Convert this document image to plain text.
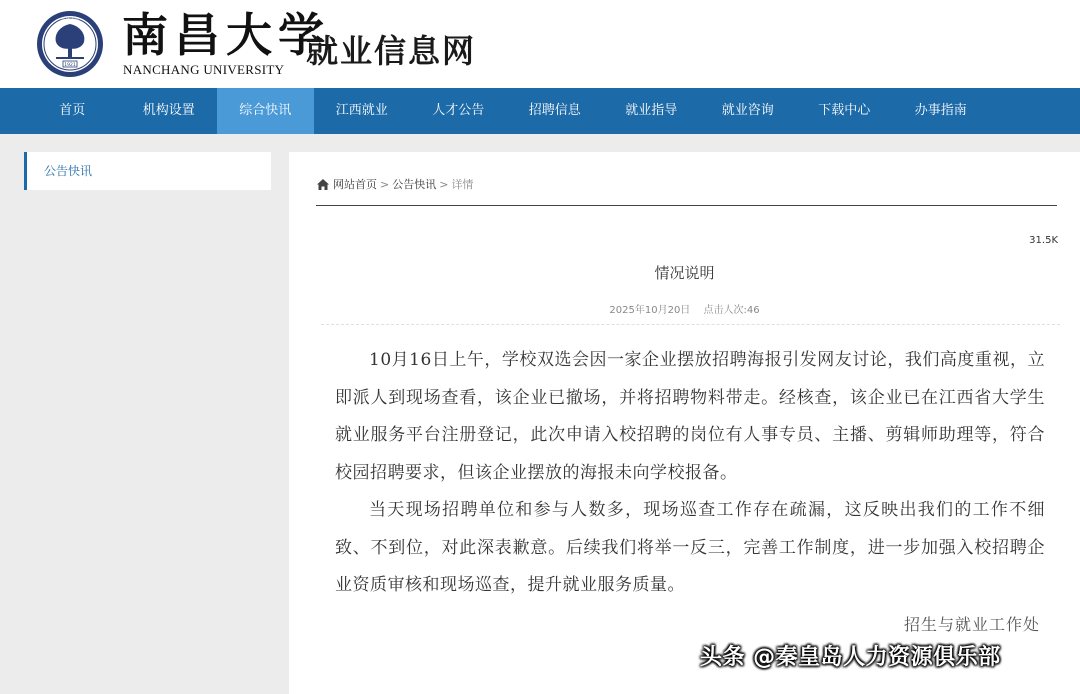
1921
南昌大学 南昌大学
NANCHANG UNIVERSITY 就业信息网
首页	机构设置	综合快讯	江西就业	人才公告	招聘信息	就业指导	就业咨询	下载中心	办事指南
公告快讯
网站首页 > 公告快讯 > 详情
31.5K
情况说明
2025年10月20日 点击人次:46

10月16日上午，学校双选会因一家企业摆放招聘海报引发网友讨论，我们高度重视，立即派人到现场查看，该企业已撤场，并将招聘物料带走。经核查，该企业已在江西省大学生就业服务平台注册登记，此次申请入校招聘的岗位有人事专员、主播、剪辑师助理等，符合校园招聘要求，但该企业摆放的海报未向学校报备。

当天现场招聘单位和参与人数多，现场巡查工作存在疏漏，这反映出我们的工作不细致、不到位，对此深表歉意。后续我们将举一反三，完善工作制度，进一步加强入校招聘企业资质审核和现场巡查，提升就业服务质量。

招生与就业工作处
头条 @秦皇岛人力资源俱乐部
